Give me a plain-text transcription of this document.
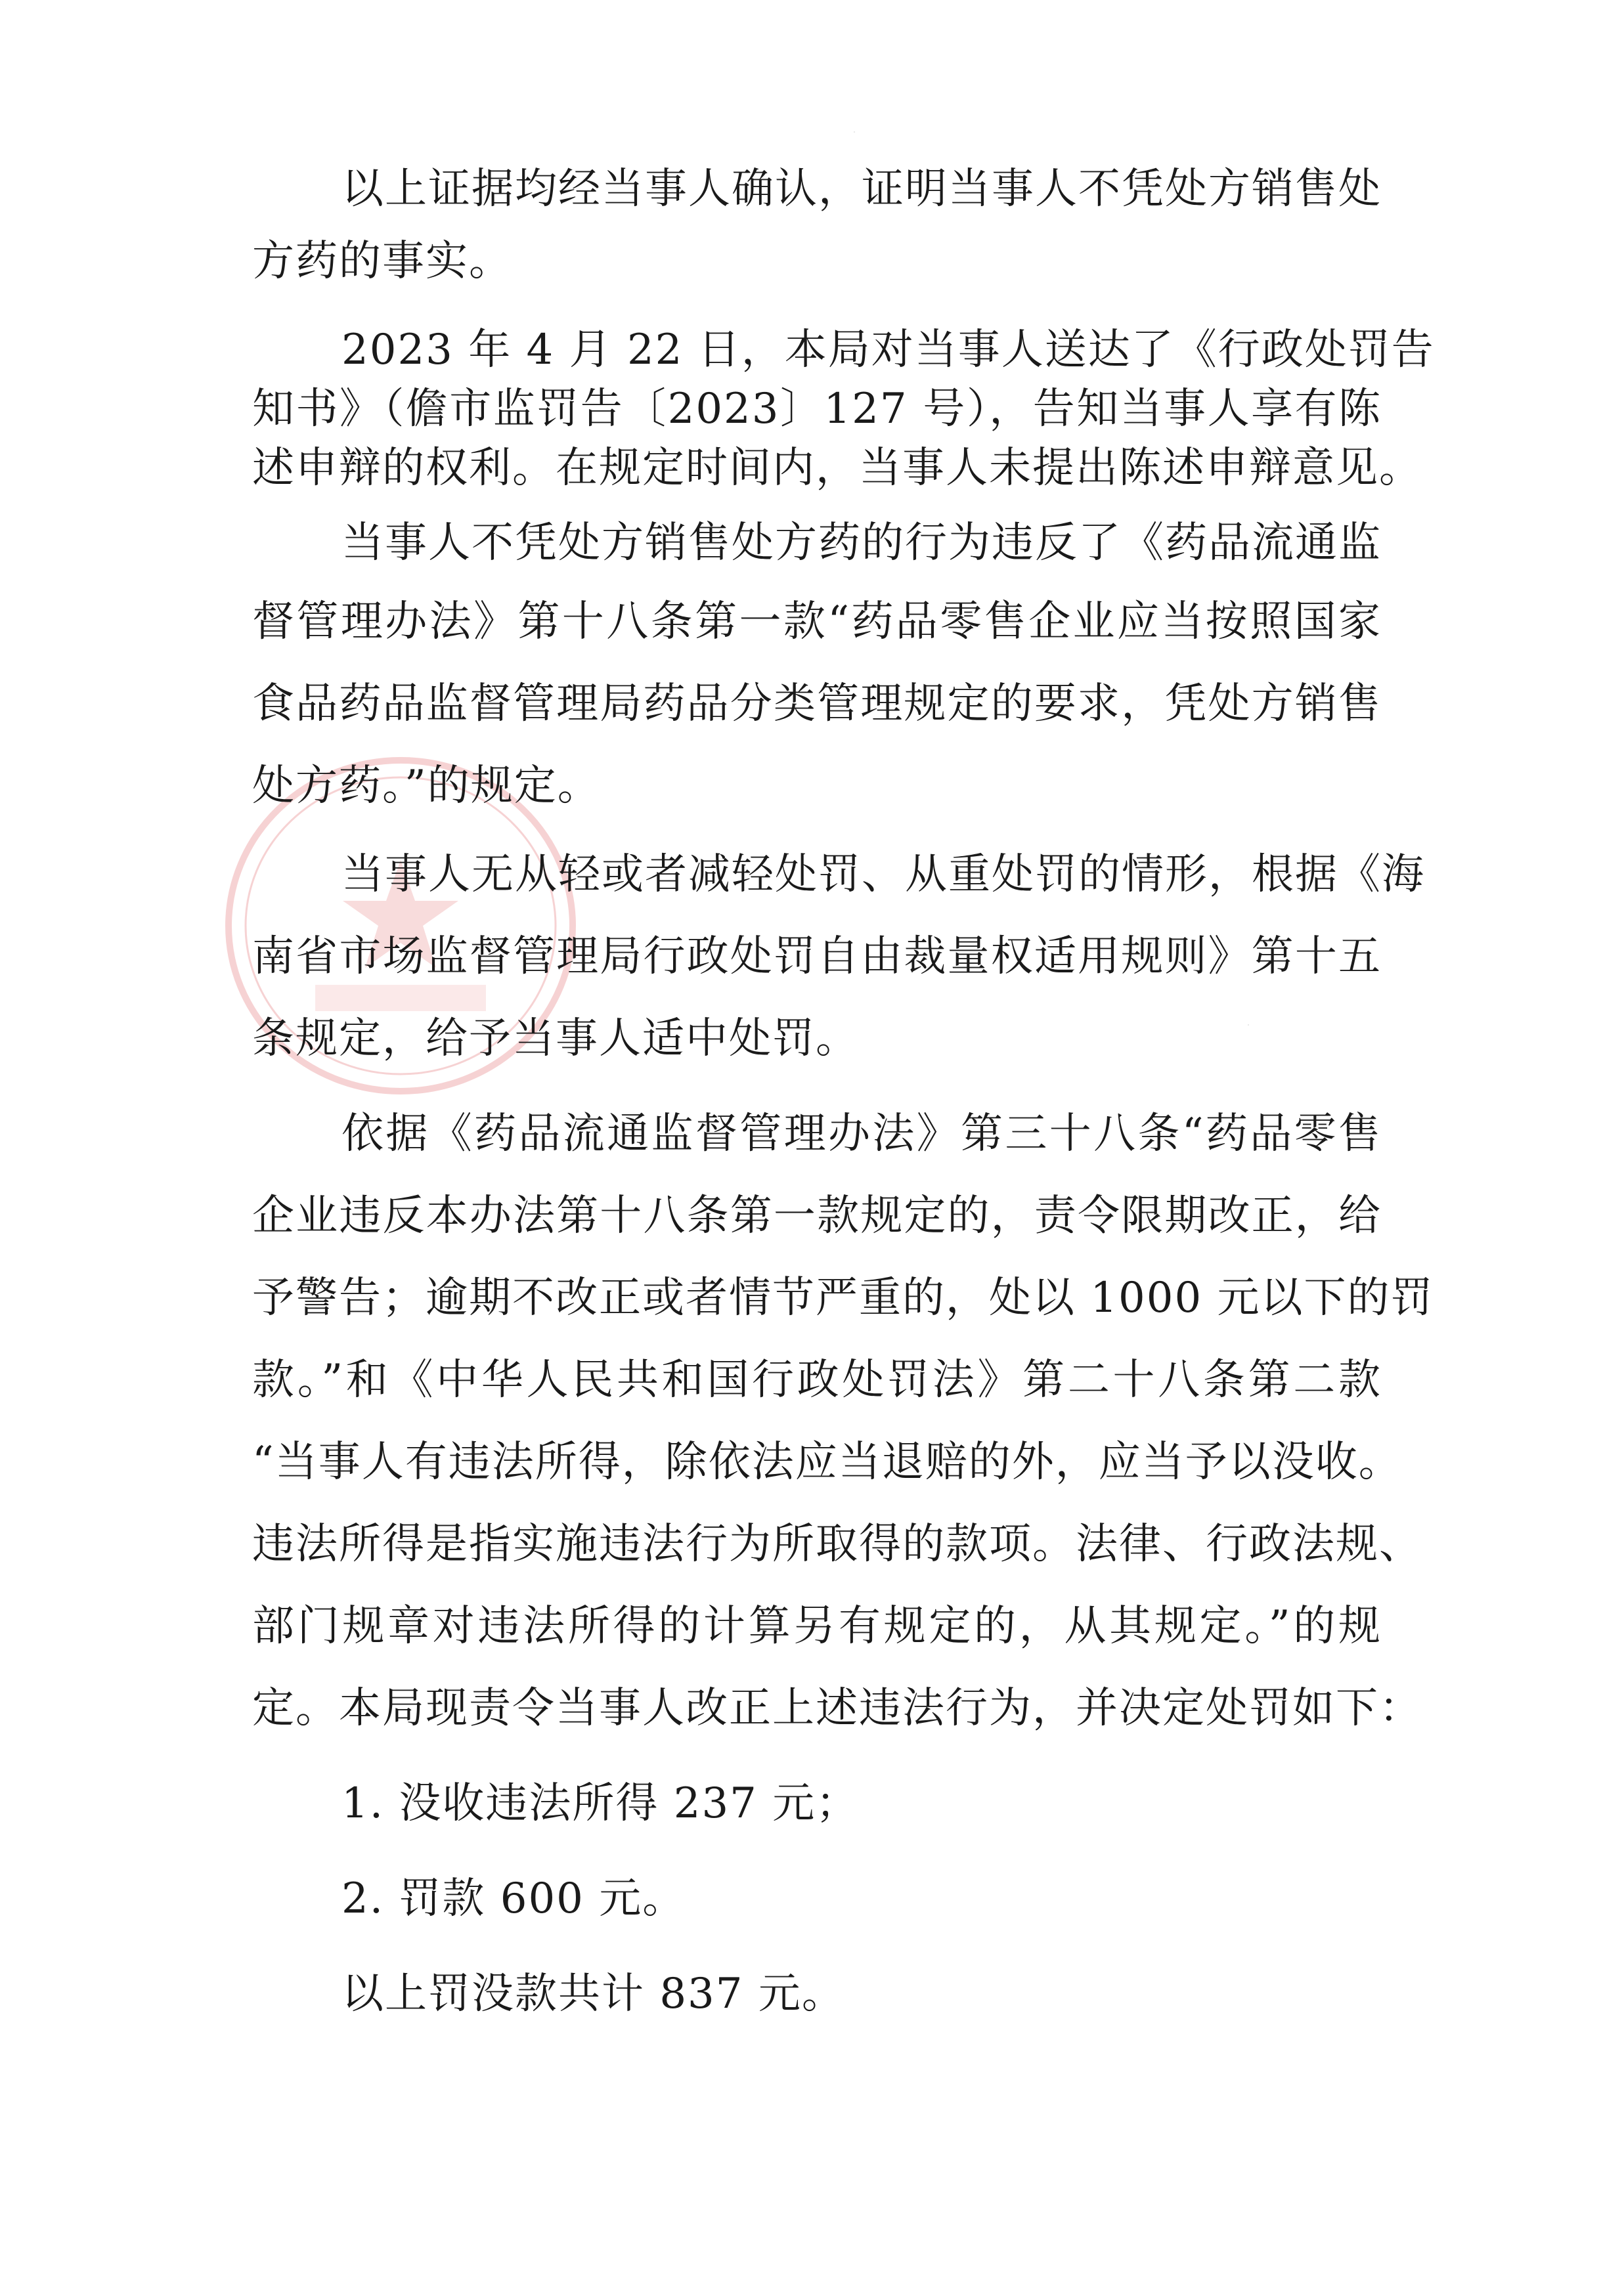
以上证据均经当事人确认，证明当事人不凭处方销售处
方药的事实。
2023 年 4 月 22 日，本局对当事人送达了《行政处罚告
知书》（儋市监罚告〔2023〕127 号），告知当事人享有陈
述申辩的权利。在规定时间内，当事人未提出陈述申辩意见。
当事人不凭处方销售处方药的行为违反了《药品流通监
督管理办法》第十八条第一款“药品零售企业应当按照国家
食品药品监督管理局药品分类管理规定的要求，凭处方销售
处方药。”的规定。
当事人无从轻或者减轻处罚、从重处罚的情形，根据《海
南省市场监督管理局行政处罚自由裁量权适用规则》第十五
条规定，给予当事人适中处罚。
依据《药品流通监督管理办法》第三十八条“药品零售
企业违反本办法第十八条第一款规定的，责令限期改正，给
予警告；逾期不改正或者情节严重的，处以 1000 元以下的罚
款。”和《中华人民共和国行政处罚法》第二十八条第二款
“当事人有违法所得，除依法应当退赔的外，应当予以没收。
违法所得是指实施违法行为所取得的款项。法律、行政法规、
部门规章对违法所得的计算另有规定的，从其规定。”的规
定。本局现责令当事人改正上述违法行为，并决定处罚如下：
1. 没收违法所得 237 元；
2. 罚款 600 元。
以上罚没款共计 837 元。
